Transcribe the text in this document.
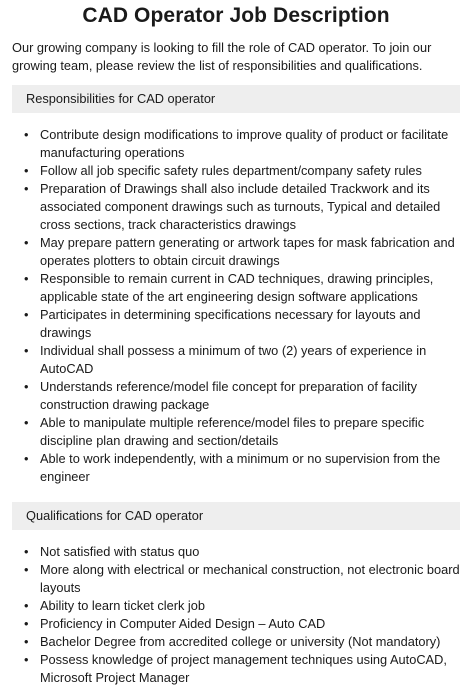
CAD Operator Job Description

Our growing company is looking to fill the role of CAD operator. To join our growing team, please review the list of responsibilities and qualifications.

Responsibilities for CAD operator
• Contribute design modifications to improve quality of product or facilitate manufacturing operations
• Follow all job specific safety rules department/company safety rules
• Preparation of Drawings shall also include detailed Trackwork and its associated component drawings such as turnouts, Typical and detailed cross sections, track characteristics drawings
• May prepare pattern generating or artwork tapes for mask fabrication and operates plotters to obtain circuit drawings
• Responsible to remain current in CAD techniques, drawing principles, applicable state of the art engineering design software applications
• Participates in determining specifications necessary for layouts and drawings
• Individual shall possess a minimum of two (2) years of experience in AutoCAD
• Understands reference/model file concept for preparation of facility construction drawing package
• Able to manipulate multiple reference/model files to prepare specific discipline plan drawing and section/details
• Able to work independently, with a minimum or no supervision from the engineer
Qualifications for CAD operator
• Not satisfied with status quo
• More along with electrical or mechanical construction, not electronic board layouts
• Ability to learn ticket clerk job
• Proficiency in Computer Aided Design – Auto CAD
• Bachelor Degree from accredited college or university (Not mandatory)
• Possess knowledge of project management techniques using AutoCAD, Microsoft Project Manager
